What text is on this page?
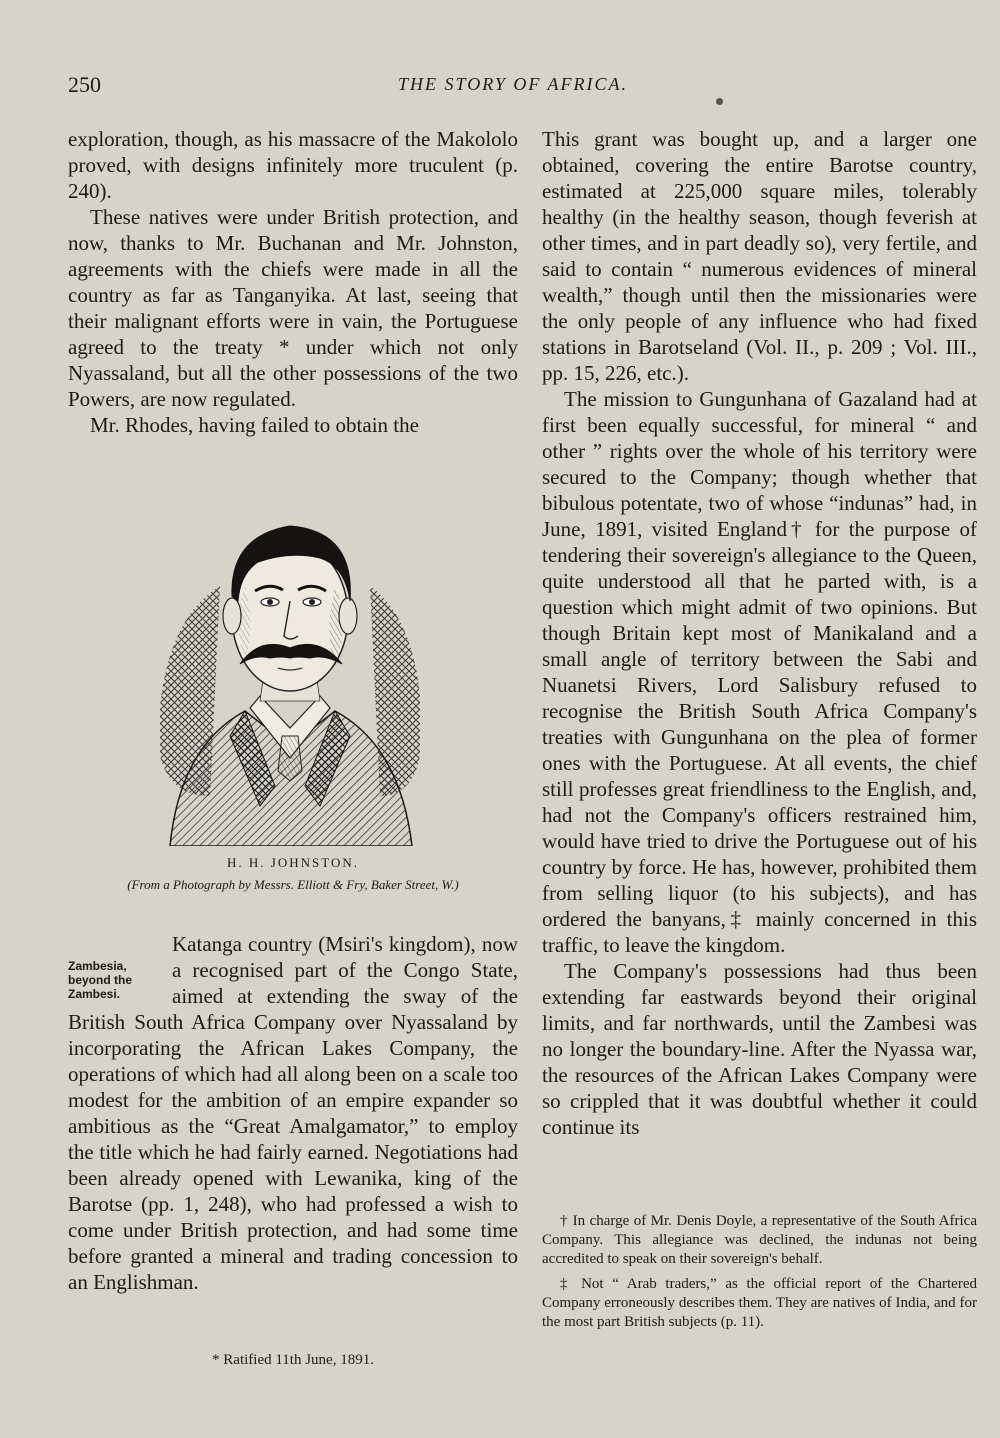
250	THE STORY OF AFRICA.

exploration, though, as his massacre of the Makololo proved, with designs infinitely more truculent (p. 240).

These natives were under British protection, and now, thanks to Mr. Buchanan and Mr. Johnston, agreements with the chiefs were made in all the country as far as Tanganyika. At last, seeing that their malignant efforts were in vain, the Portuguese agreed to the treaty * under which not only Nyassaland, but all the other possessions of the two Powers, are now regulated.

Mr. Rhodes, having failed to obtain the

H. H. JOHNSTON.
(From a Photograph by Messrs. Elliott & Fry, Baker Street, W.)
Zambesia, beyond the Zambesi.

Katanga country (Msiri's kingdom), now a recognised part of the Congo State, aimed at extending the sway of the British South Africa Company over Nyassaland by incorporating the African Lakes Company, the operations of which had all along been on a scale too modest for the ambition of an empire expander so ambitious as the “Great Amalgamator,” to employ the title which he had fairly earned. Negotiations had been already opened with Lewanika, king of the Barotse (pp. 1, 248), who had professed a wish to come under British protection, and had some time before granted a mineral and trading concession to an Englishman.

* Ratified 11th June, 1891.

This grant was bought up, and a larger one obtained, covering the entire Barotse country, estimated at 225,000 square miles, tolerably healthy (in the healthy season, though feverish at other times, and in part deadly so), very fertile, and said to contain “ numerous evidences of mineral wealth,” though until then the missionaries were the only people of any influence who had fixed stations in Barotseland (Vol. II., p. 209 ; Vol. III., pp. 15, 226, etc.).

The mission to Gungunhana of Gazaland had at first been equally successful, for mineral “ and other ” rights over the whole of his territory were secured to the Company; though whether that bibulous potentate, two of whose “indunas” had, in June, 1891, visited England† for the purpose of tendering their sovereign's allegiance to the Queen, quite understood all that he parted with, is a question which might admit of two opinions. But though Britain kept most of Manikaland and a small angle of territory between the Sabi and Nuanetsi Rivers, Lord Salisbury refused to recognise the British South Africa Company's treaties with Gungunhana on the plea of former ones with the Portuguese. At all events, the chief still professes great friendliness to the English, and, had not the Company's officers restrained him, would have tried to drive the Portuguese out of his country by force. He has, however, prohibited them from selling liquor (to his subjects), and has ordered the banyans,‡ mainly concerned in this traffic, to leave the kingdom.

The Company's possessions had thus been extending far eastwards beyond their original limits, and far northwards, until the Zambesi was no longer the boundary-line. After the Nyassa war, the resources of the African Lakes Company were so crippled that it was doubtful whether it could continue its

† In charge of Mr. Denis Doyle, a representative of the South Africa Company. This allegiance was declined, the indunas not being accredited to speak on their sovereign's behalf.

‡ Not “ Arab traders,” as the official report of the Chartered Company erroneously describes them. They are natives of India, and for the most part British subjects (p. 11).
